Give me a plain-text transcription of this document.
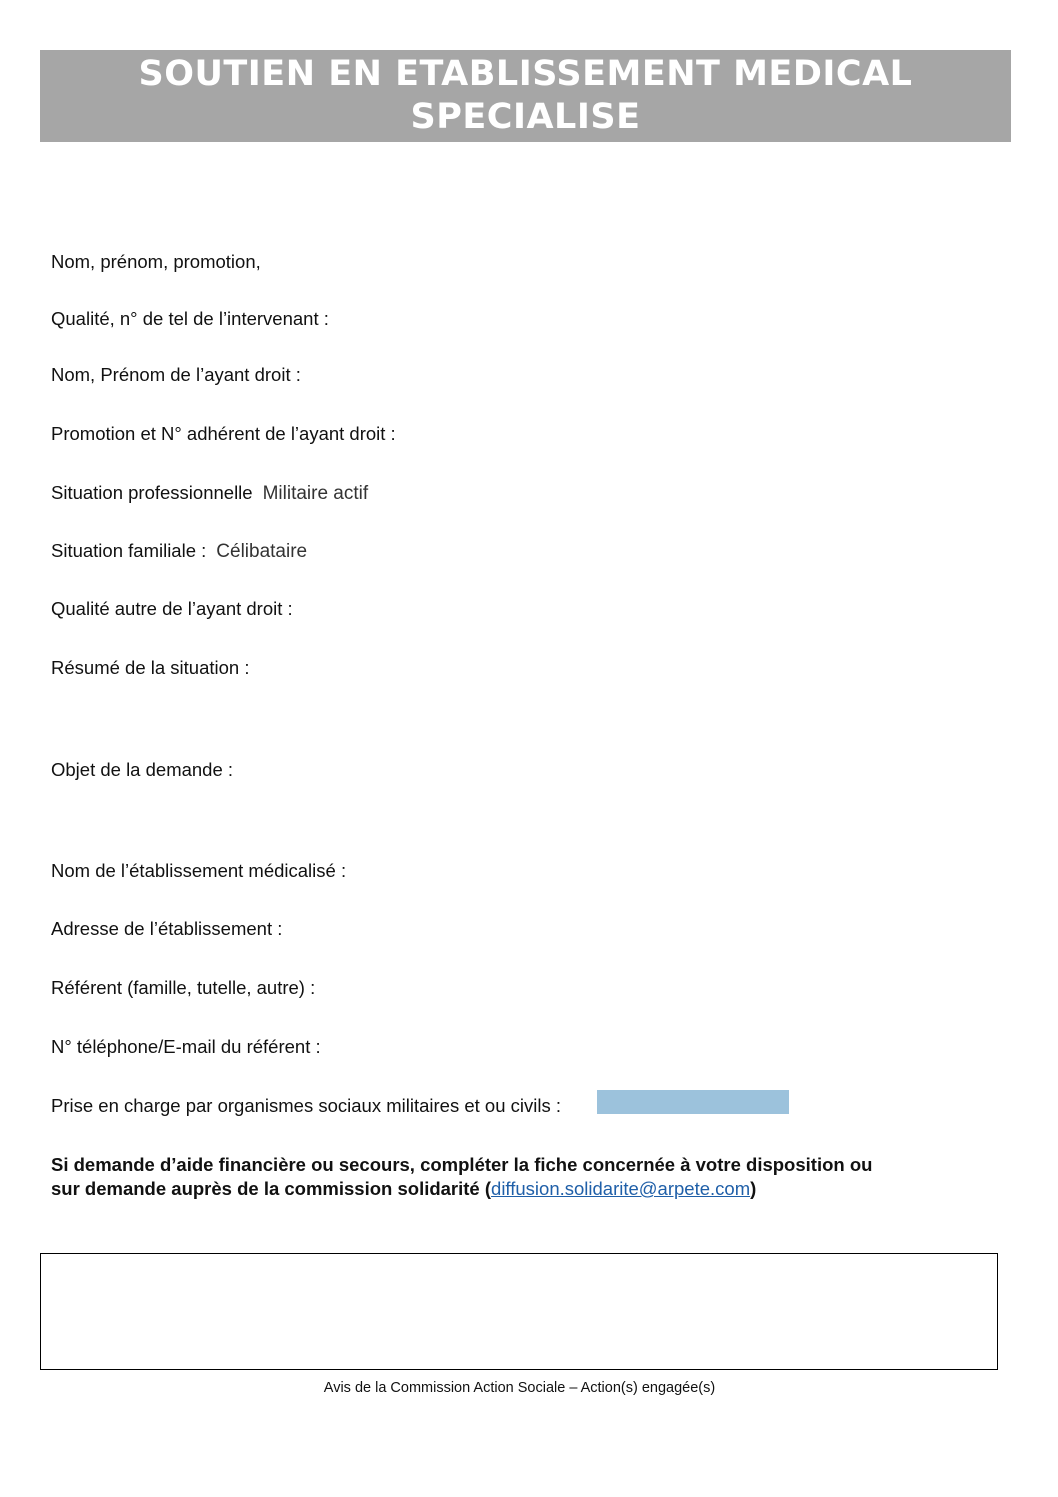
SOUTIEN EN ETABLISSEMENT MEDICAL
SPECIALISE
Nom, prénom, promotion,
Qualité, n° de tel de l’intervenant :
Nom, Prénom de l’ayant droit :
Promotion et N° adhérent de l’ayant droit :
Situation professionnelle Militaire actif
Situation familiale : Célibataire
Qualité autre de l’ayant droit :
Résumé de la situation :
Objet de la demande :
Nom de l’établissement médicalisé :
Adresse de l’établissement :
Référent (famille, tutelle, autre) :
N° téléphone/E-mail du référent :
Prise en charge par organismes sociaux militaires et ou civils :
Si demande d’aide financière ou secours, compléter la fiche concernée à votre disposition ou
sur demande auprès de la commission solidarité (diffusion.solidarite@arpete.com)
Avis de la Commission Action Sociale – Action(s) engagée(s)
